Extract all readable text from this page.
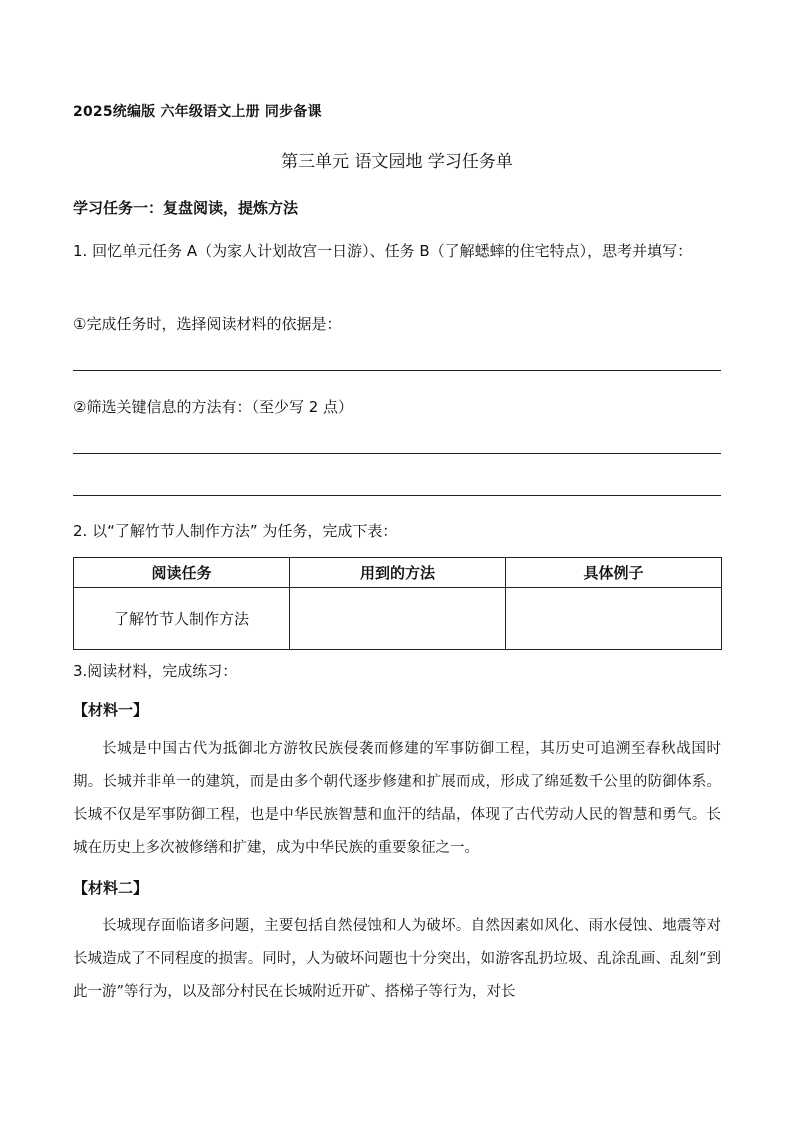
2025统编版 六年级语文上册 同步备课
第三单元 语文园地 学习任务单
学习任务一：复盘阅读，提炼方法
1. 回忆单元任务 A（为家人计划故宫一日游）、任务 B（了解蟋蟀的住宅特点），思考并填写：
①完成任务时，选择阅读材料的依据是：
②筛选关键信息的方法有：（至少写 2 点）
2. 以“了解竹节人制作方法” 为任务，完成下表：
阅读任务	用到的方法	具体例子
了解竹节人制作方法		
3.阅读材料，完成练习：
【材料一】

长城是中国古代为抵御北方游牧民族侵袭而修建的军事防御工程，其历史可追溯至春秋战国时期。长城并非单一的建筑，而是由多个朝代逐步修建和扩展而成，形成了绵延数千公里的防御体系。长城不仅是军事防御工程，也是中华民族智慧和血汗的结晶，体现了古代劳动人民的智慧和勇气。长城在历史上多次被修缮和扩建，成为中华民族的重要象征之一。

【材料二】

长城现存面临诸多问题，主要包括自然侵蚀和人为破坏。自然因素如风化、雨水侵蚀、地震等对长城造成了不同程度的损害。同时，人为破坏问题也十分突出，如游客乱扔垃圾、乱涂乱画、乱刻“到此一游”等行为，以及部分村民在长城附近开矿、搭梯子等行为，对长
